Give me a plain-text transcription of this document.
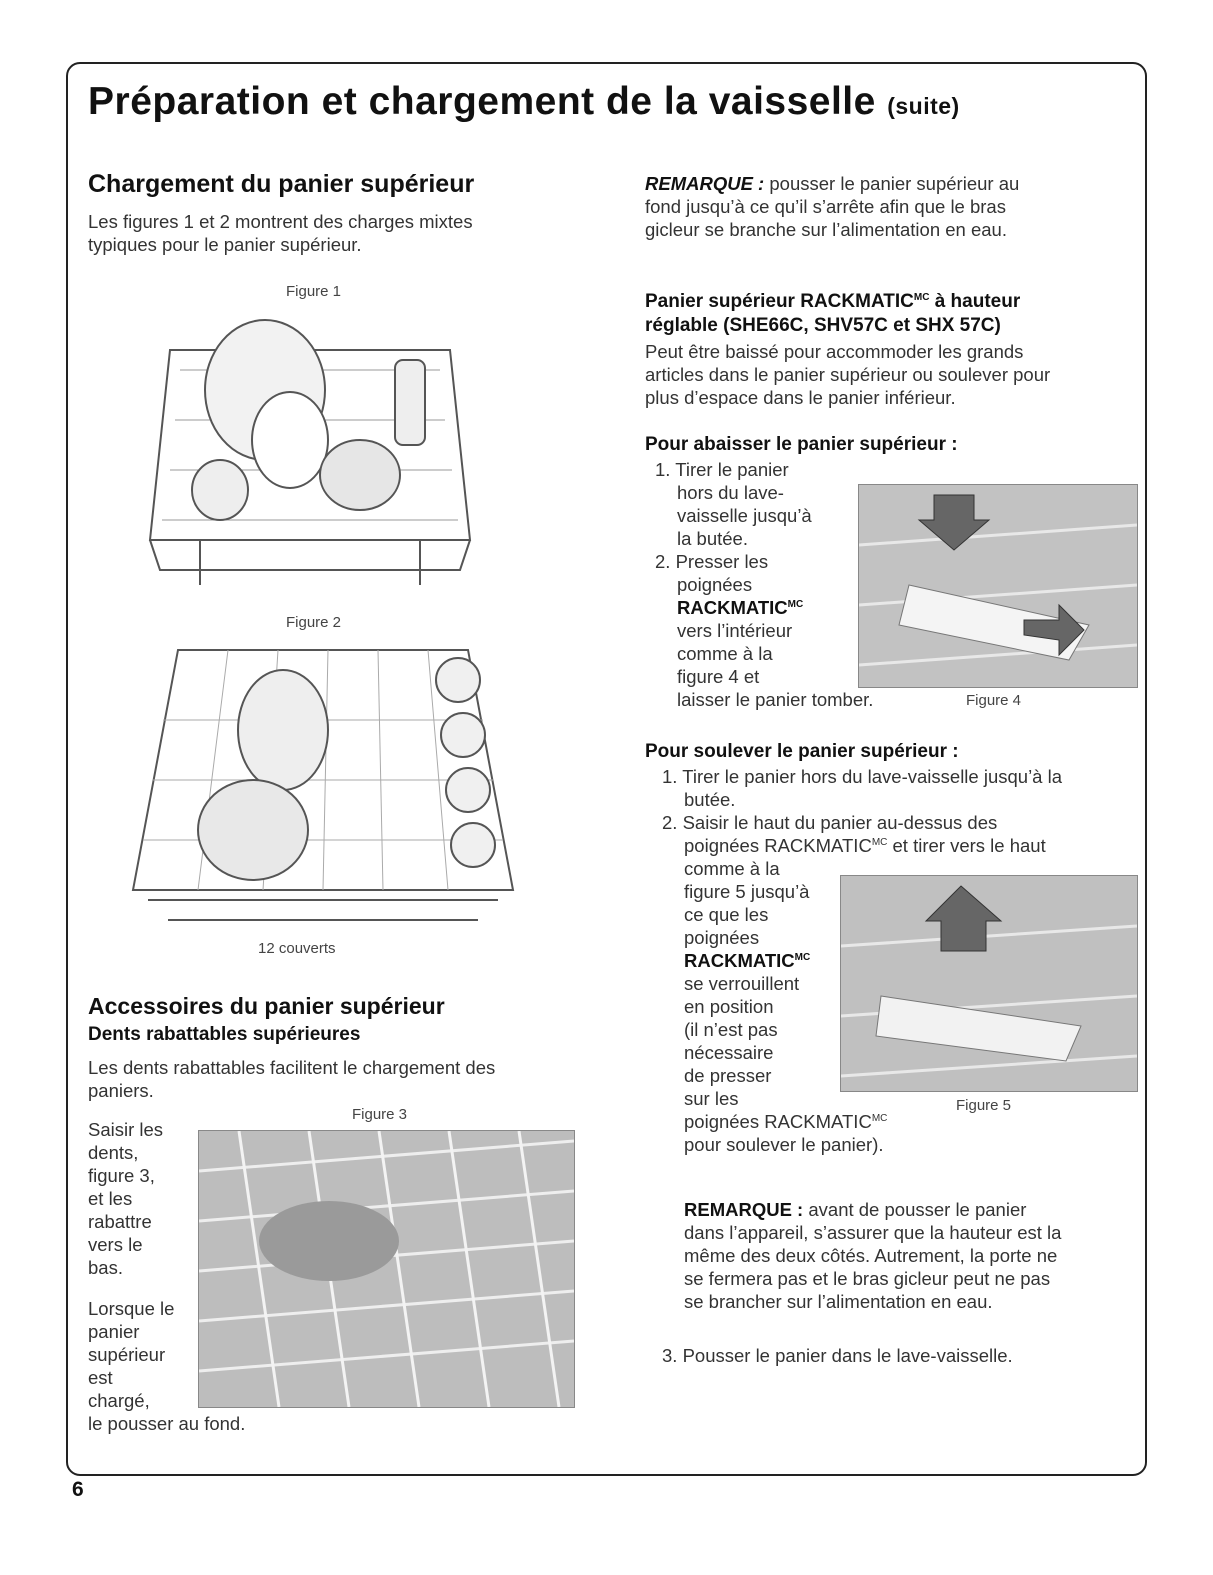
Préparation et chargement de la vaisselle (suite)
Chargement du panier supérieur

Les figures 1 et 2 montrent des charges mixtes
typiques pour le panier supérieur.

Figure 1
Figure 2
12 couverts
Accessoires du panier supérieur
Dents rabattables supérieures

Les dents rabattables facilitent le chargement des
paniers.

Figure 3

Saisir les
dents,
figure 3,
et les
rabattre
vers le
bas.

Lorsque le
panier
supérieur
est
chargé,
le pousser au fond.

REMARQUE : pousser le panier supérieur au
fond jusqu’à ce qu’il s’arrête afin que le bras
gicleur se branche sur l’alimentation en eau.

Panier supérieur $RACKMATIC^{MC}$ à hauteur
réglable (SHE66C, SHV57C et SHX 57C)

Peut être baissé pour accommoder les grands
articles dans le panier supérieur ou soulever pour
plus d’espace dans le panier inférieur.

Pour abaisser le panier supérieur :

1. Tirer le panier
hors du lave-
vaisselle jusqu’à
la butée.
2. Presser les
poignées
$RACKMATIC^{MC}$
vers l’intérieur
comme à la
figure 4 et
laisser le panier tomber.	Figure 4
Pour soulever le panier supérieur :

1. Tirer le panier hors du lave-vaisselle jusqu’à la
butée.
2. Saisir le haut du panier au-dessus des
poignées $RACKMATIC^{MC}$ et tirer vers le haut
comme à la
figure 5 jusqu’à
ce que les
poignées
$RACKMATIC^{MC}$
se verrouillent
en position
(il n’est pas
nécessaire
de presser
sur les
poignées $RACKMATIC^{MC}$
pour soulever le panier).

Figure 5

REMARQUE : avant de pousser le panier
dans l’appareil, s’assurer que la hauteur est la
même des deux côtés. Autrement, la porte ne
se fermera pas et le bras gicleur peut ne pas
se brancher sur l’alimentation en eau.

3. Pousser le panier dans le lave-vaisselle.

6
